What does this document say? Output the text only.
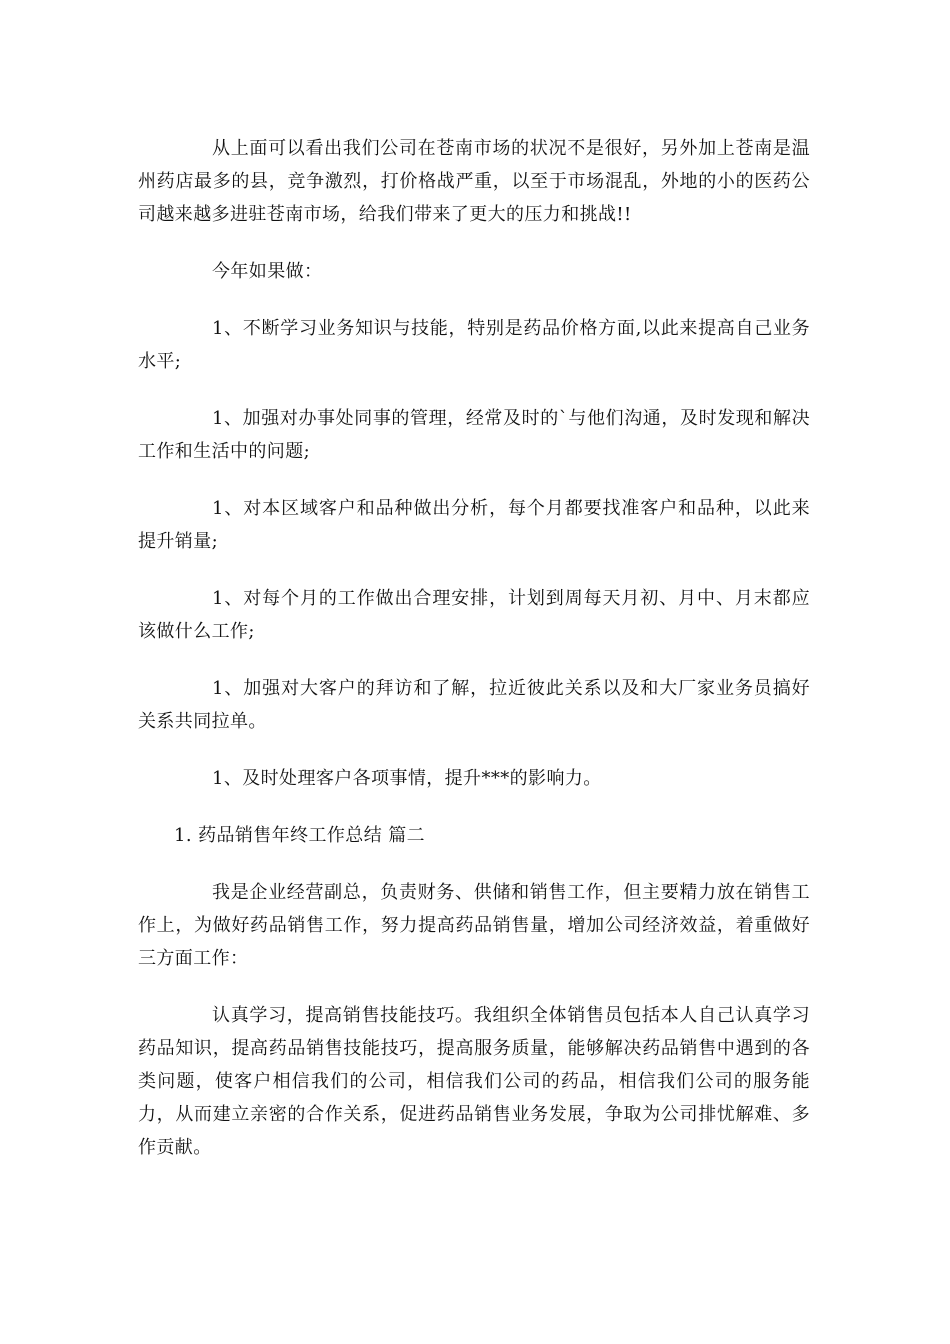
从上面可以看出我们公司在苍南市场的状况不是很好，另外加上苍南是温州药店最多的县，竞争激烈，打价格战严重，以至于市场混乱，外地的小的医药公司越来越多进驻苍南市场，给我们带来了更大的压力和挑战!!

今年如果做：

1、不断学习业务知识与技能，特别是药品价格方面,以此来提高自己业务水平;

1、加强对办事处同事的管理，经常及时的`与他们沟通，及时发现和解决工作和生活中的问题;

1、对本区域客户和品种做出分析，每个月都要找准客户和品种，以此来提升销量;

1、对每个月的工作做出合理安排，计划到周每天月初、月中、月末都应该做什么工作;

1、加强对大客户的拜访和了解，拉近彼此关系以及和大厂家业务员搞好关系共同拉单。

1、及时处理客户各项事情，提升***的影响力。

1. 药品销售年终工作总结 篇二

我是企业经营副总，负责财务、供储和销售工作，但主要精力放在销售工作上，为做好药品销售工作，努力提高药品销售量，增加公司经济效益，着重做好三方面工作：

认真学习，提高销售技能技巧。我组织全体销售员包括本人自己认真学习药品知识，提高药品销售技能技巧，提高服务质量，能够解决药品销售中遇到的各类问题，使客户相信我们的公司，相信我们公司的药品，相信我们公司的服务能力，从而建立亲密的合作关系，促进药品销售业务发展，争取为公司排忧解难、多作贡献。
